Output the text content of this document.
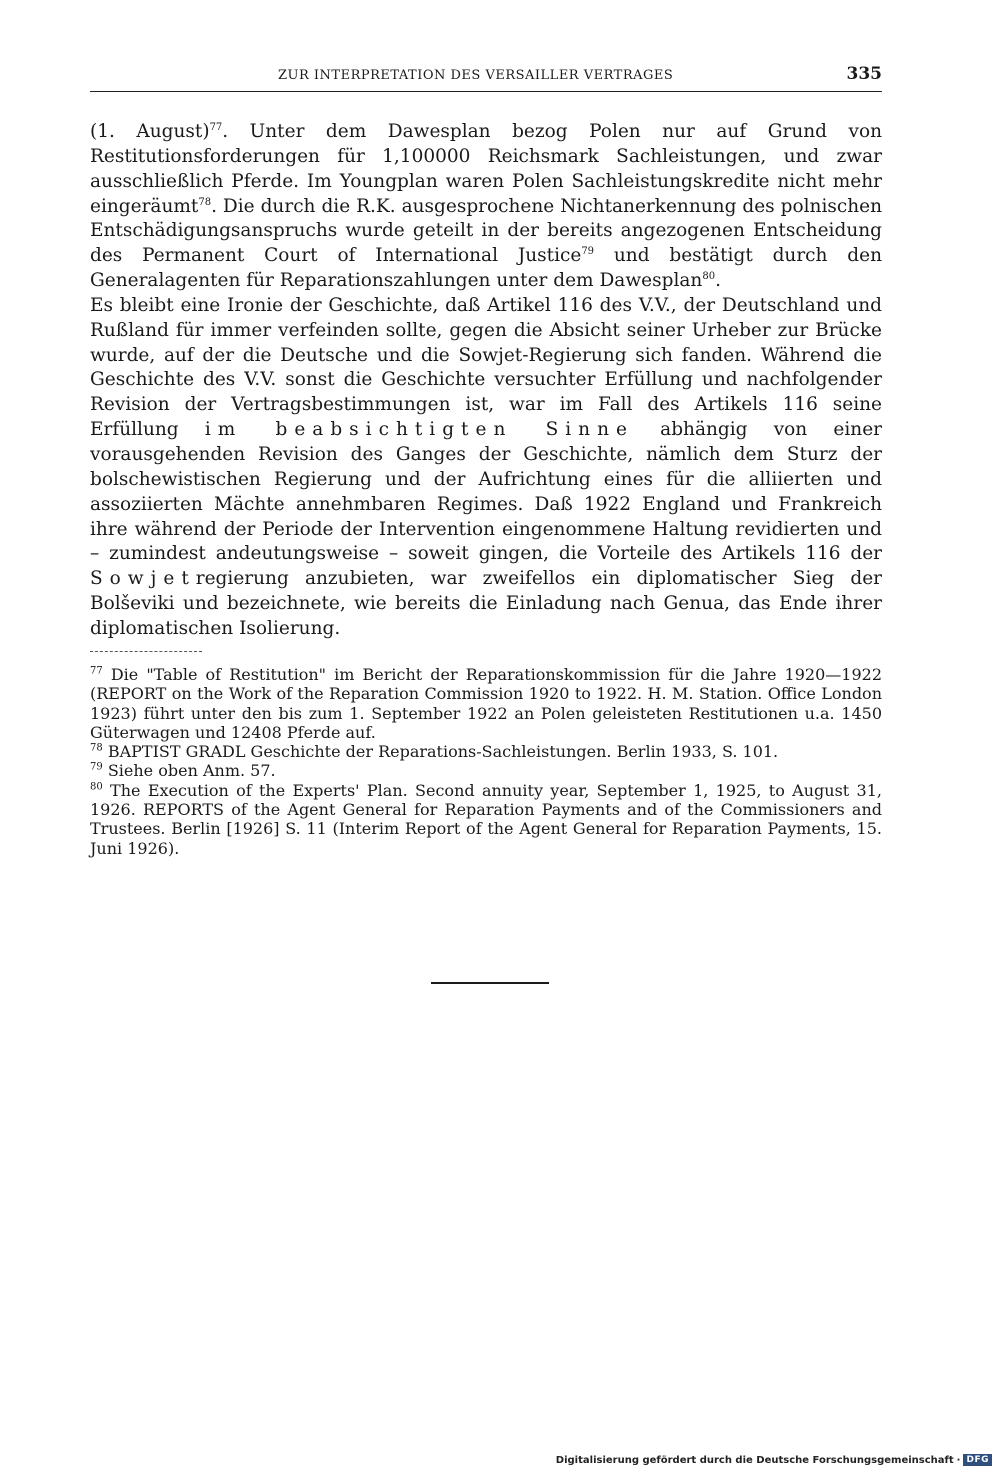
ZUR INTERPRETATION DES VERSAILLER VERTRAGES	335

(1. August)$^{77}$. Unter dem Dawesplan bezog Polen nur auf Grund von Restitutionsforderungen für 1,100000 Reichsmark Sachleistungen, und zwar ausschließlich Pferde. Im Youngplan waren Polen Sachleistungskredite nicht mehr eingeräumt$^{78}$. Die durch die R.K. ausgesprochene Nichtanerkennung des polnischen Entschädigungsanspruchs wurde geteilt in der bereits angezogenen Entscheidung des Permanent Court of International Justice$^{79}$ und bestätigt durch den Generalagenten für Reparationszahlungen unter dem Dawesplan$^{80}$.

Es bleibt eine Ironie der Geschichte, daß Artikel 116 des V.V., der Deutschland und Rußland für immer verfeinden sollte, gegen die Absicht seiner Urheber zur Brücke wurde, auf der die Deutsche und die Sowjet-Regierung sich fanden. Während die Geschichte des V.V. sonst die Geschichte versuchter Erfüllung und nachfolgender Revision der Vertragsbestimmungen ist, war im Fall des Artikels 116 seine Erfüllung im beabsichtigten Sinne abhängig von einer vorausgehenden Revision des Ganges der Geschichte, nämlich dem Sturz der bolschewistischen Regierung und der Aufrichtung eines für die alliierten und assoziierten Mächte annehmbaren Regimes. Daß 1922 England und Frankreich ihre während der Periode der Intervention eingenommene Haltung revidierten und – zumindest andeutungsweise – soweit gingen, die Vorteile des Artikels 116 der Sowjetregierung anzubieten, war zweifellos ein diplomatischer Sieg der Bolševiki und bezeichnete, wie bereits die Einladung nach Genua, das Ende ihrer diplomatischen Isolierung.

$^{77}$ Die "Table of Restitution" im Bericht der Reparationskommission für die Jahre 1920—1922 (REPORT on the Work of the Reparation Commission 1920 to 1922. H. M. Station. Office London 1923) führt unter den bis zum 1. September 1922 an Polen geleisteten Restitutionen u.a. 1450 Güterwagen und 12408 Pferde auf.

$^{78}$ BAPTIST GRADL Geschichte der Reparations-Sachleistungen. Berlin 1933, S. 101.

$^{79}$ Siehe oben Anm. 57.

$^{80}$ The Execution of the Experts' Plan. Second annuity year, September 1, 1925, to August 31, 1926. REPORTS of the Agent General for Reparation Payments and of the Commissioners and Trustees. Berlin [1926] S. 11 (Interim Report of the Agent General for Reparation Payments, 15. Juni 1926).

Digitalisierung gefördert durch die Deutsche Forschungsgemeinschaft · DFG
